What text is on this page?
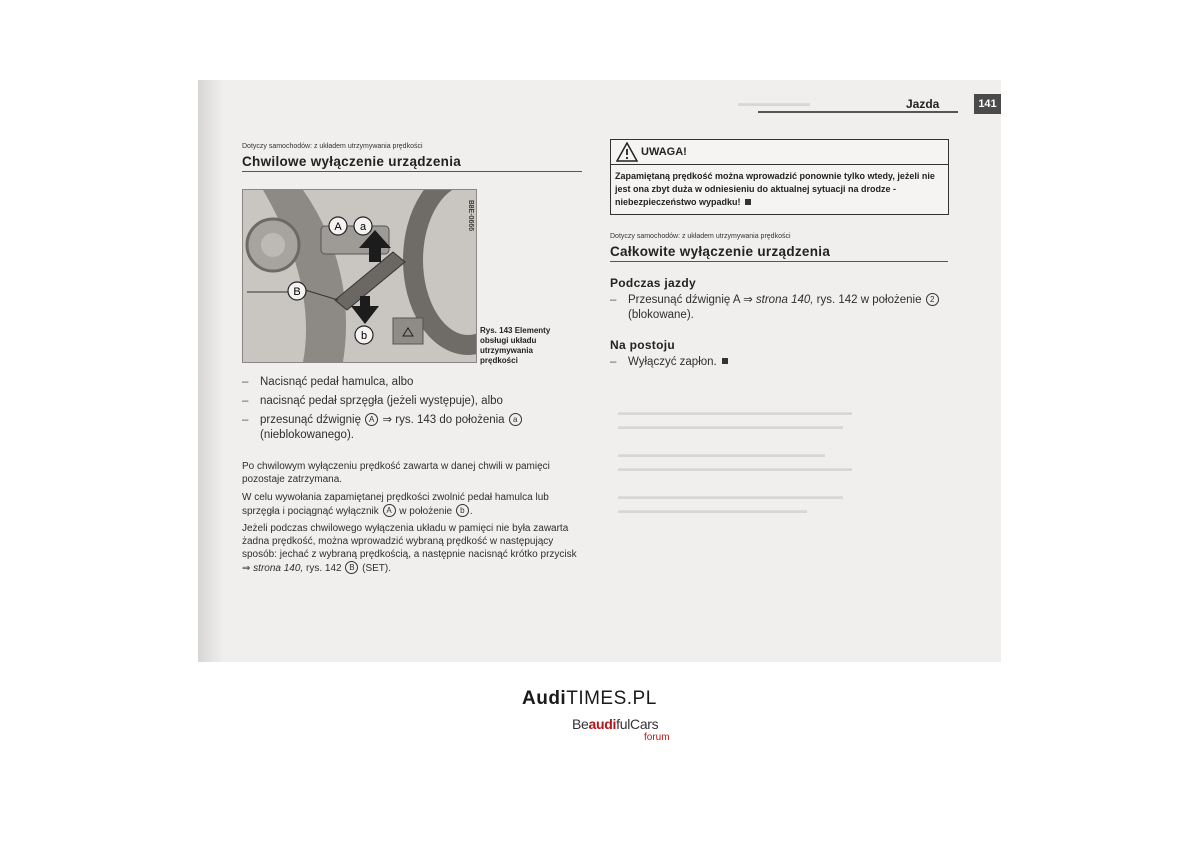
▬▬▬▬▬▬▬▬
▬▬▬▬▬▬▬▬▬▬▬▬▬▬▬▬▬▬▬▬▬▬▬▬▬▬
▬▬▬▬▬▬▬▬▬▬▬▬▬▬▬▬▬▬▬▬▬▬▬▬▬

▬▬▬▬▬▬▬▬▬▬▬▬▬▬▬▬▬▬▬▬▬▬▬
▬▬▬▬▬▬▬▬▬▬▬▬▬▬▬▬▬▬▬▬▬▬▬▬▬▬

▬▬▬▬▬▬▬▬▬▬▬▬▬▬▬▬▬▬▬▬▬▬▬▬▬
▬▬▬▬▬▬▬▬▬▬▬▬▬▬▬▬▬▬▬▬▬
Jazda	141
Dotyczy samochodów: z układem utrzymywania prędkości
Chwilowe wyłączenie urządzenia
A a
B
b
B8E-0666
Rys. 143 Elementy obsługi układu utrzymywania prędkości
– Nacisnąć pedał hamulca, albo
– nacisnąć pedał sprzęgła (jeżeli występuje), albo
– przesunąć dźwignię A ⇒ rys. 143 do położenia a (nieblokowanego).
Po chwilowym wyłączeniu prędkość zawarta w danej chwili w pamięci pozostaje zatrzymana.
W celu wywołania zapamiętanej prędkości zwolnić pedał hamulca lub sprzęgła i pociągnąć wyłącznik A w położenie b .
Jeżeli podczas chwilowego wyłączenia układu w pamięci nie była zawarta żadna prędkość, można wprowadzić wybraną prędkość w następujący sposób: jechać z wybraną prędkością, a następnie nacisnąć krótko przycisk ⇒ strona 140, rys. 142 B (SET).
UWAGA!
Zapamiętaną prędkość można wprowadzić ponownie tylko wtedy, jeżeli nie jest ona zbyt duża w odniesieniu do aktualnej sytuacji na drodze - niebezpieczeństwo wypadku!
Dotyczy samochodów: z układem utrzymywania prędkości
Całkowite wyłączenie urządzenia
Podczas jazdy
– Przesunąć dźwignię A ⇒ strona 140, rys. 142 w położenie 2 (blokowane).
Na postoju
– Wyłączyć zapłon.
AudiTIMES.PL
BeaudifulCars
forum
